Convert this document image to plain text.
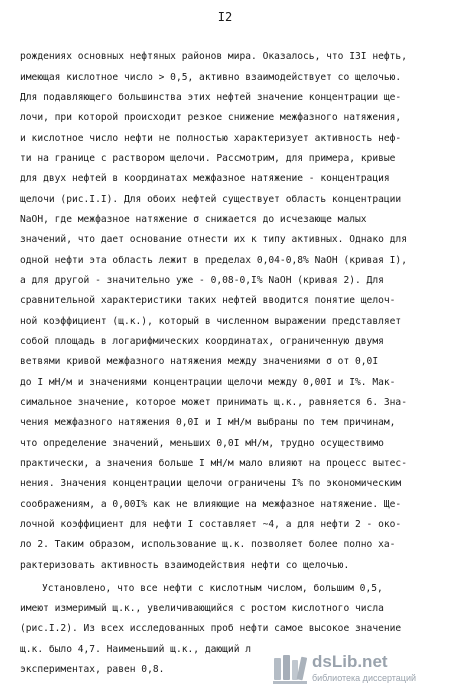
I2
рождениях основных нефтяных районов мира. Оказалось, что I3I нефть,
имеющая кислотное число > 0,5, активно взаимодействует со щелочью.
Для подавляющего большинства этих нефтей значение концентрации ще-
лочи, при которой происходит резкое снижение межфазного натяжения,
и кислотное число нефти не полностью характеризует активность неф-
ти на границе с раствором щелочи. Рассмотрим, для примера, кривые
для двух нефтей в координатах межфазное натяжение - концентрация
щелочи (рис.I.I). Для обоих нефтей существует область концентрации
NaOH, где межфазное натяжение σ снижается до исчезающе малых
значений, что дает основание отнести их к типу активных. Однако для
одной нефти эта область лежит в пределах 0,04-0,8% NaOH (кривая I),
а для другой - значительно уже - 0,08-0,I% NaOH (кривая 2). Для
сравнительной характеристики таких нефтей вводится понятие щелоч-
ной коэффициент (щ.к.), который в численном выражении представляет
собой площадь в логарифмических координатах, ограниченную двумя
ветвями кривой межфазного натяжения между значениями σ от 0,0I
до I мН/м и значениями концентрации щелочи между 0,00I и I%. Мак-
симальное значение, которое может принимать щ.к., равняется 6. Зна-
чения межфазного натяжения 0,0I и I мН/м выбраны по тем причинам,
что определение значений, меньших 0,0I мН/м, трудно осуществимо
практически, а значения больше I мН/м мало влияют на процесс вытес-
нения. Значения концентрации щелочи ограничены I% по экономическим
соображениям, а 0,00I% как не влияющие на межфазное натяжение. Ще-
лочной коэффициент для нефти I составляет ~4, а для нефти 2 - око-
ло 2. Таким образом, использование щ.к. позволяет более полно ха-
рактеризовать активность взаимодействия нефти со щелочью.
Установлено, что все нефти с кислотным числом, большим 0,5,
имеют измеримый щ.к., увеличивающийся с ростом кислотного числа
(рис.I.2). Из всех исследованных проб нефти самое высокое значение
щ.к. было 4,7. Наименьший щ.к., дающий л
экспериментах, равен 0,8.	dsLib.net
библиотека диссертаций
